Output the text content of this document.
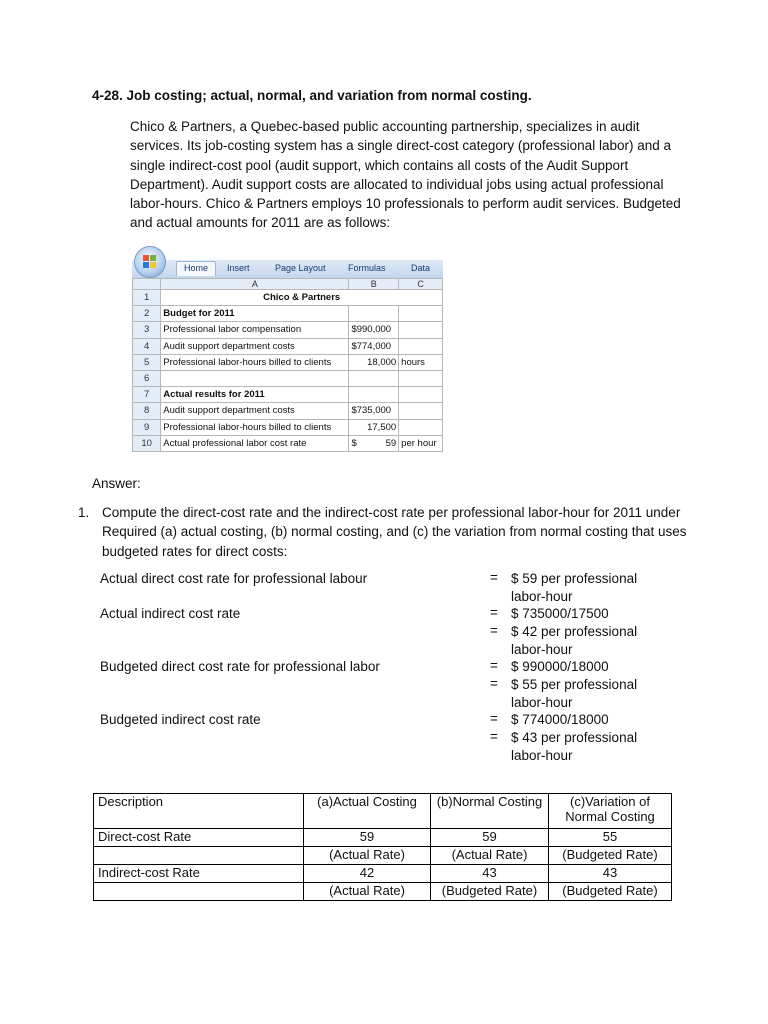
4-28. Job costing; actual, normal, and variation from normal costing.

Chico & Partners, a Quebec-based public accounting partnership, specializes in audit services. Its job-costing system has a single direct-cost category (professional labor) and a single indirect-cost pool (audit support, which contains all costs of the Audit Support Department). Audit support costs are allocated to individual jobs using actual professional labor-hours. Chico & Partners employs 10 professionals to perform audit services. Budgeted and actual amounts for 2011 are as follows:

Home	Insert	Page Layout Formulas	Data
	A	B	C
1	Chico & Partners		
2	Budget for 2011		
3	Professional labor compensation	$990,000	
4	Audit support department costs	$774,000	
5	Professional labor-hours billed to clients	18,000	hours
6			
7	Actual results for 2011		
8	Audit support department costs	$735,000	
9	Professional labor-hours billed to clients	17,500	
10	Actual professional labor cost rate	$ 59	per hour
Answer:
1. Compute the direct-cost rate and the indirect-cost rate per professional labor-hour for 2011 under Required (a) actual costing, (b) normal costing, and (c) the variation from normal costing that uses budgeted rates for direct costs:
Actual direct cost rate for professional labour	= $ 59 per professional labor-hour
Actual indirect cost rate	= $ 735000/17500
= $ 42 per professional labor-hour
Budgeted direct cost rate for professional labor	= $ 990000/18000
= $ 55 per professional labor-hour
Budgeted indirect cost rate	= $ 774000/18000
= $ 43 per professional labor-hour
Description	(a)Actual Costing	(b)Normal Costing	(c)Variation of Normal Costing
Direct-cost Rate	59	59	55
	(Actual Rate)	(Actual Rate)	(Budgeted Rate)
Indirect-cost Rate	42	43	43
	(Actual Rate)	(Budgeted Rate)	(Budgeted Rate)
